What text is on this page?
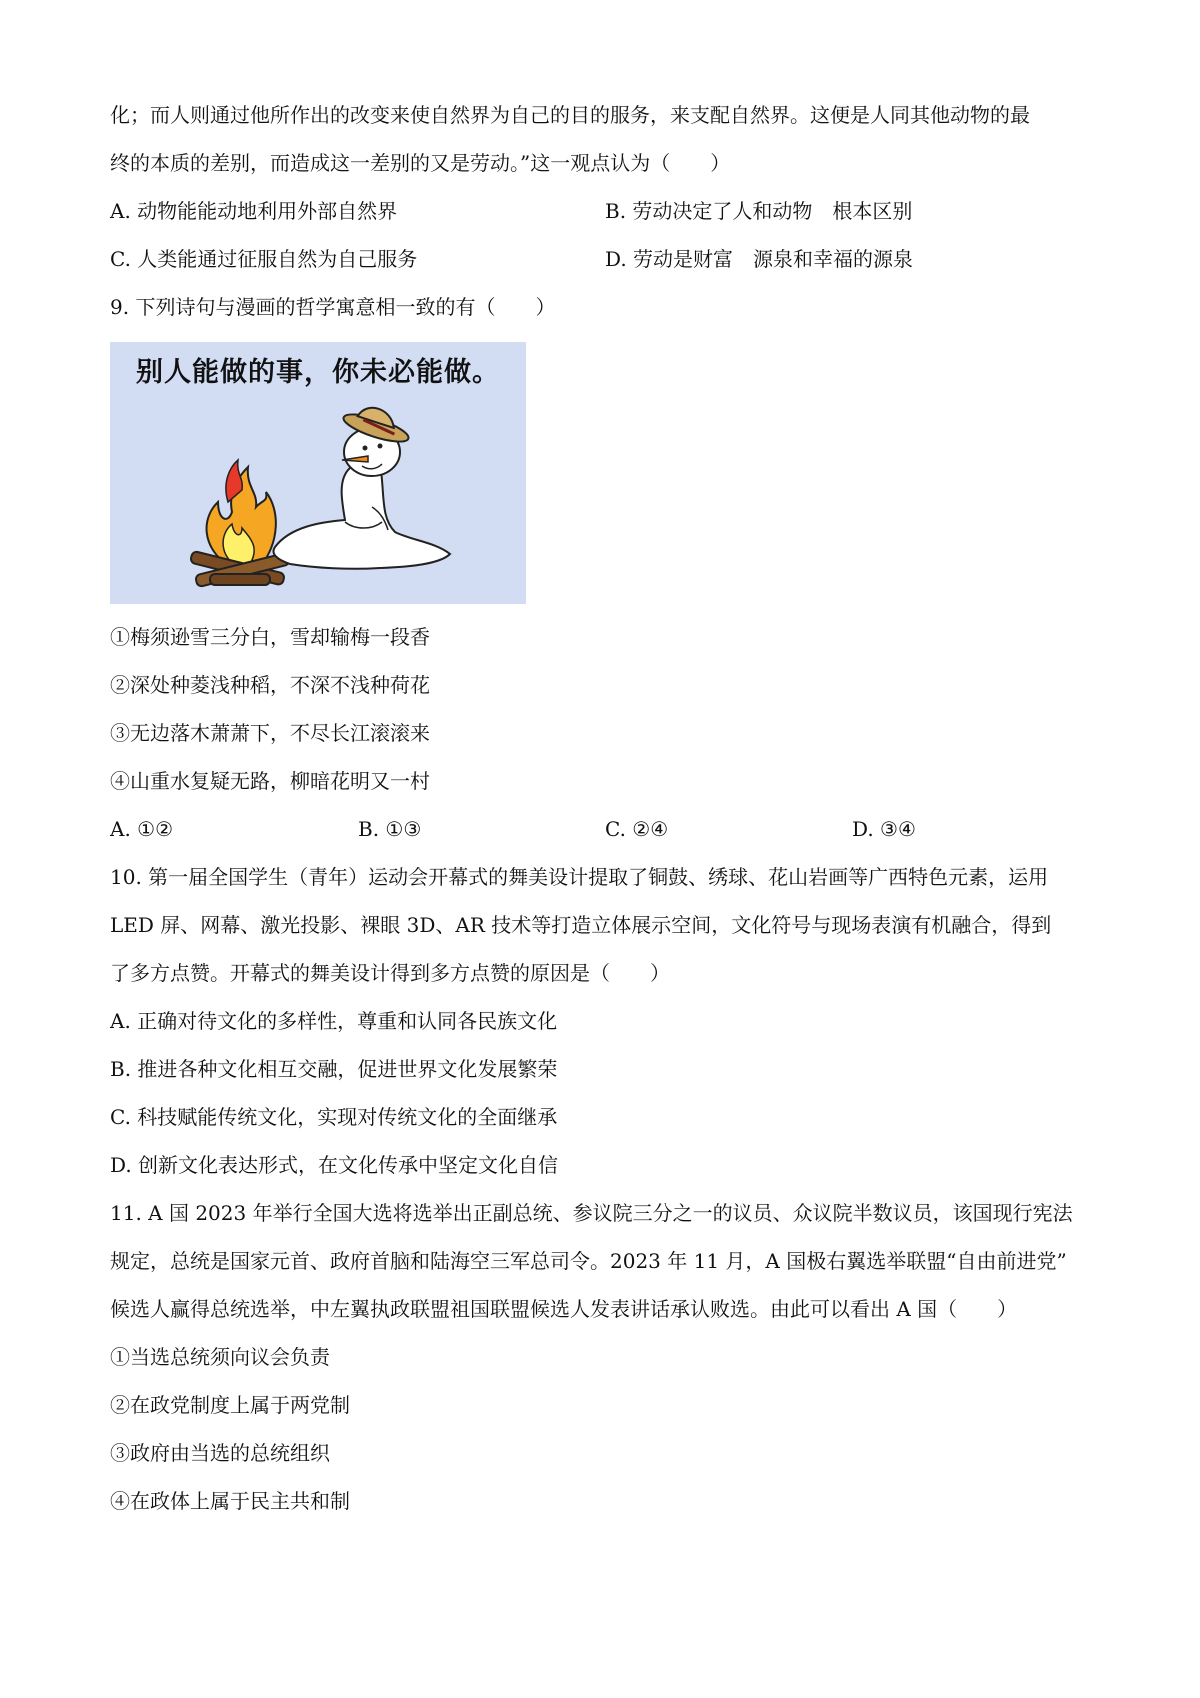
化；而人则通过他所作出的改变来使自然界为自己的目的服务，来支配自然界。这便是人同其他动物的最
终的本质的差别，而造成这一差别的又是劳动。”这一观点认为（　　）
A. 动物能能动地利用外部自然界	B. 劳动决定了人和动物　根本区别
C. 人类能通过征服自然为自己服务	D. 劳动是财富　源泉和幸福的源泉
9. 下列诗句与漫画的哲学寓意相一致的有（　　）
别人能做的事，你未必能做。
①梅须逊雪三分白，雪却输梅一段香
②深处种菱浅种稻，不深不浅种荷花
③无边落木萧萧下，不尽长江滚滚来
④山重水复疑无路，柳暗花明又一村
A. ①②	B. ①③	C. ②④	D. ③④
10. 第一届全国学生（青年）运动会开幕式的舞美设计提取了铜鼓、绣球、花山岩画等广西特色元素，运用
LED 屏、网幕、激光投影、裸眼 3D、AR 技术等打造立体展示空间，文化符号与现场表演有机融合，得到
了多方点赞。开幕式的舞美设计得到多方点赞的原因是（　　）
A. 正确对待文化的多样性，尊重和认同各民族文化
B. 推进各种文化相互交融，促进世界文化发展繁荣
C. 科技赋能传统文化，实现对传统文化的全面继承
D. 创新文化表达形式，在文化传承中坚定文化自信
11. A 国 2023 年举行全国大选将选举出正副总统、参议院三分之一的议员、众议院半数议员，该国现行宪法
规定，总统是国家元首、政府首脑和陆海空三军总司令。2023 年 11 月，A 国极右翼选举联盟“自由前进党”
候选人赢得总统选举，中左翼执政联盟祖国联盟候选人发表讲话承认败选。由此可以看出 A 国（　　）
①当选总统须向议会负责
②在政党制度上属于两党制
③政府由当选的总统组织
④在政体上属于民主共和制
